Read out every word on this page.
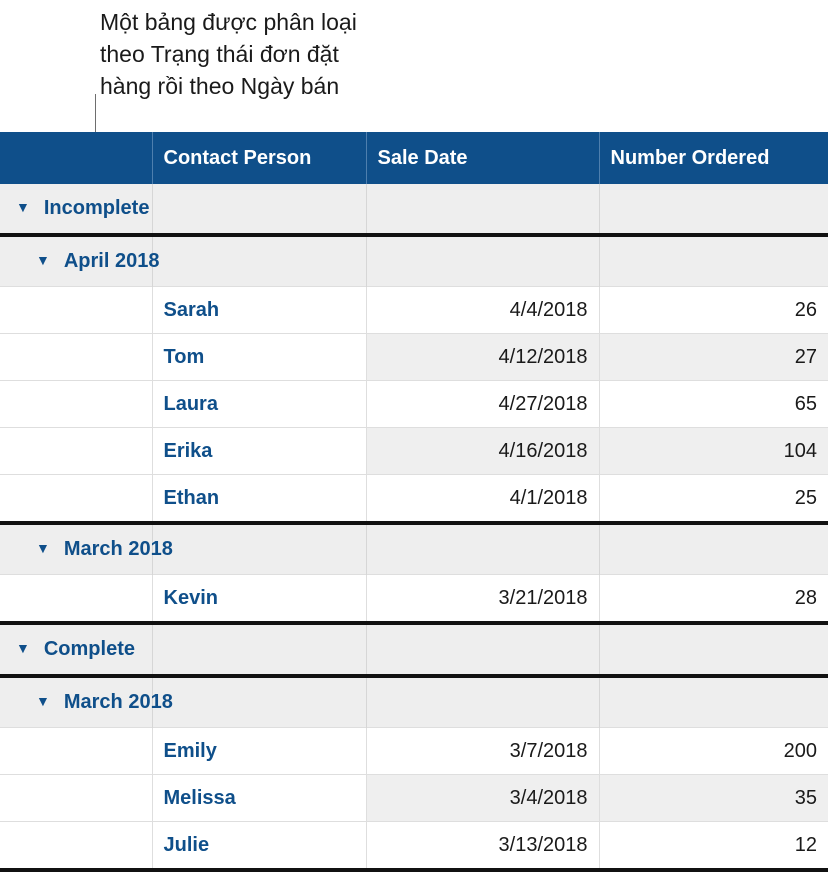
Một bảng được phân loại
theo Trạng thái đơn đặt
hàng rồi theo Ngày bán
	Contact Person	Sale Date	Number Ordered
▼ Incomplete			
▼ April 2018			
	Sarah	4/4/2018	26
	Tom	4/12/2018	27
	Laura	4/27/2018	65
	Erika	4/16/2018	104
	Ethan	4/1/2018	25
▼ March 2018			
	Kevin	3/21/2018	28
▼ Complete			
▼ March 2018			
	Emily	3/7/2018	200
	Melissa	3/4/2018	35
	Julie	3/13/2018	12
